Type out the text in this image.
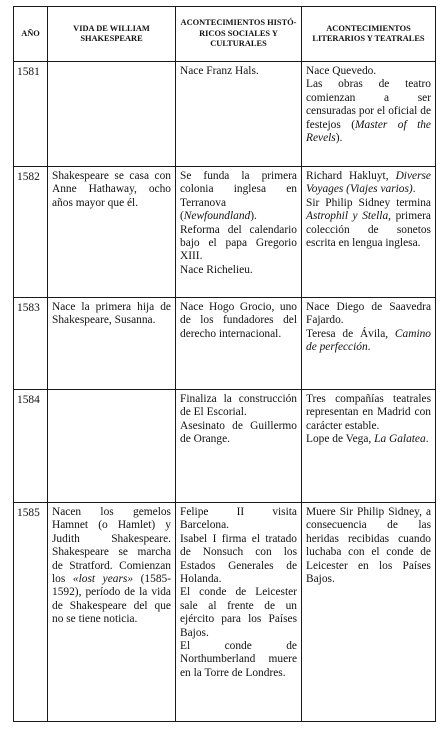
AÑO	VIDA DE WILLIAM SHAKESPEARE	ACONTECIMIENTOS HISTÓ- RICOS SOCIALES Y CULTURALES	ACONTECIMIENTOS LITERARIOS Y TEATRALES
1581		Nace Franz Hals.	Nace Quevedo.
Las obras de teatro comienzan a ser censuradas por el oficial de festejos (Master of the Revels).

1582	Shakespeare se casa con Anne Hathaway, ocho años mayor que él.	Se funda la primera colonia inglesa en Terranova (Newfoundland).
Reforma del calendario bajo el papa Gregorio XIII.
Nace Richelieu.	Richard Hakluyt, Diverse Voyages (Viajes varios).
Sir Philip Sidney termina Astrophil y Stella, primera colección de sonetos escrita en lengua inglesa.

1583	Nace la primera hija de Shakespeare, Susanna.	Nace Hogo Grocio, uno de los fundadores del derecho internacional.	Nace Diego de Saavedra Fajardo.
Teresa de Ávila, Camino de perfección.

1584		Finaliza la construcción de El Escorial.
Asesinato de Guillermo de Orange.	Tres compañías teatrales representan en Madrid con carácter estable.
Lope de Vega, La Galatea.

1585	Nacen los gemelos Hamnet (o Hamlet) y Judith Shakespeare. Shakespeare se marcha de Stratford. Comienzan los «lost years» (1585-1592), período de la vida de Shakespeare del que no se tiene noticia.	Felipe II visita Barcelona.
Isabel I firma el tratado de Nonsuch con los Estados Generales de Holanda.
El conde de Leicester sale al frente de un ejército para los Países Bajos.
El conde de Northumberland muere en la Torre de Londres.	Muere Sir Philip Sidney, a consecuencia de las heridas recibidas cuando luchaba con el conde de Leicester en los Países Bajos.
